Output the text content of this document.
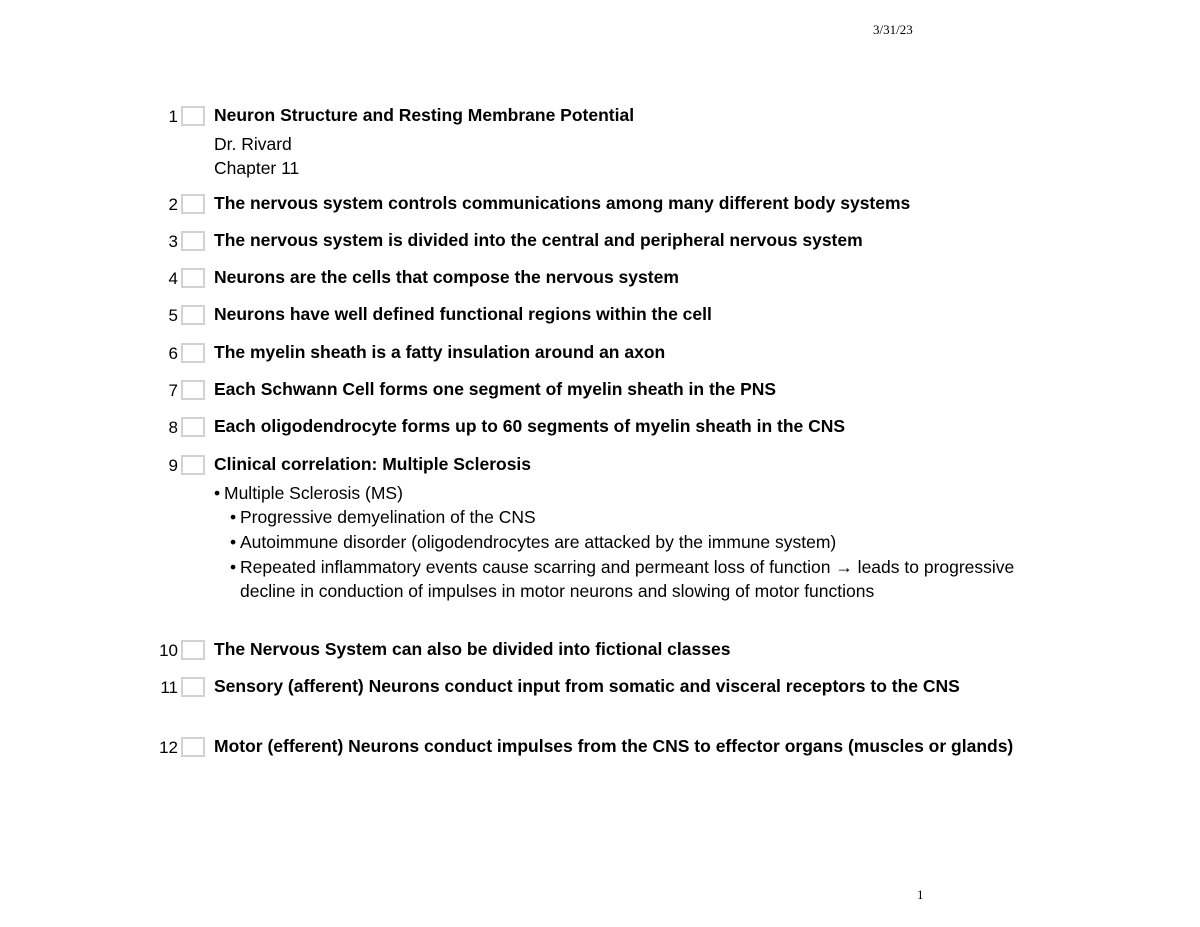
3/31/23
1 Neuron Structure and Resting Membrane Potential
Dr. Rivard
Chapter 11
2 The nervous system controls communications among many different body systems
3 The nervous system is divided into the central and peripheral nervous system
4 Neurons are the cells that compose the nervous system
5 Neurons have well defined functional regions within the cell
6 The myelin sheath is a fatty insulation around an axon
7 Each Schwann Cell forms one segment of myelin sheath in the PNS
8 Each oligodendrocyte forms up to 60 segments of myelin sheath in the CNS
9 Clinical correlation: Multiple Sclerosis
• Multiple Sclerosis (MS)
• Progressive demyelination of the CNS
• Autoimmune disorder (oligodendrocytes are attacked by the immune system)
• Repeated inflammatory events cause scarring and permeant loss of function → leads to progressive decline in conduction of impulses in motor neurons and slowing of motor functions
10 The Nervous System can also be divided into fictional classes
11 Sensory (afferent) Neurons conduct input from somatic and visceral receptors to the CNS
12 Motor (efferent) Neurons conduct impulses from the CNS to effector organs (muscles or glands)
1
